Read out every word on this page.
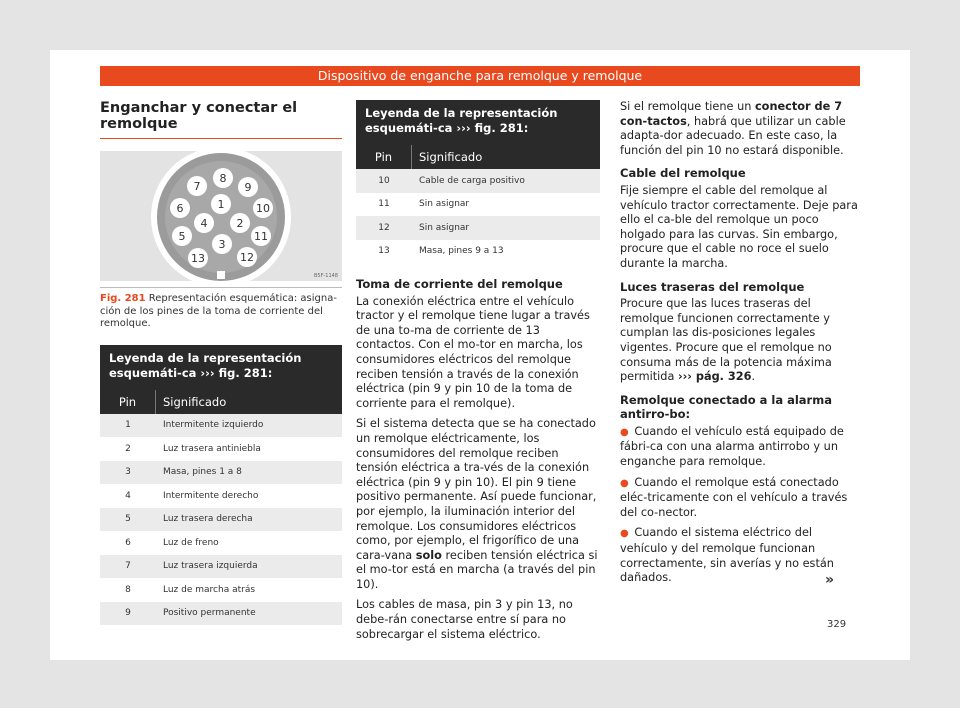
Dispositivo de enganche para remolque y remolque
Enganchar y conectar el remolque
1
2
3
4
5
6
7
8
9
10
11
12
13
B5F-1148
Fig. 281 Representación esquemática: asigna-ción de los pines de la toma de corriente del remolque.
Leyenda de la representación esquemáti-ca ››› fig. 281:
Pin	Significado
1	Intermitente izquierdo
2	Luz trasera antiniebla
3	Masa, pines 1 a 8
4	Intermitente derecho
5	Luz trasera derecha
6	Luz de freno
7	Luz trasera izquierda
8	Luz de marcha atrás
9	Positivo permanente
Leyenda de la representación esquemáti-ca ››› fig. 281:
Pin	Significado
10	Cable de carga positivo
11	Sin asignar
12	Sin asignar
13	Masa, pines 9 a 13
Toma de corriente del remolque

La conexión eléctrica entre el vehículo tractor y el remolque tiene lugar a través de una to-ma de corriente de 13 contactos. Con el mo-tor en marcha, los consumidores eléctricos del remolque reciben tensión a través de la conexión eléctrica (pin 9 y pin 10 de la toma de corriente para el remolque).

Si el sistema detecta que se ha conectado un remolque eléctricamente, los consumidores del remolque reciben tensión eléctrica a tra-vés de la conexión eléctrica (pin 9 y pin 10). El pin 9 tiene positivo permanente. Así puede funcionar, por ejemplo, la iluminación interior del remolque. Los consumidores eléctricos como, por ejemplo, el frigorífico de una cara-vana solo reciben tensión eléctrica si el mo-tor está en marcha (a través del pin 10).

Los cables de masa, pin 3 y pin 13, no debe-rán conectarse entre sí para no sobrecargar el sistema eléctrico.

Si el remolque tiene un conector de 7 con-tactos, habrá que utilizar un cable adapta-dor adecuado. En este caso, la función del pin 10 no estará disponible.

Cable del remolque

Fije siempre el cable del remolque al vehículo tractor correctamente. Deje para ello el ca-ble del remolque un poco holgado para las curvas. Sin embargo, procure que el cable no roce el suelo durante la marcha.

Luces traseras del remolque

Procure que las luces traseras del remolque funcionen correctamente y cumplan las dis-posiciones legales vigentes. Procure que el remolque no consuma más de la potencia máxima permitida ››› pág. 326.

Remolque conectado a la alarma antirro-bo:

● Cuando el vehículo está equipado de fábri-ca con una alarma antirrobo y un enganche para remolque.

● Cuando el remolque está conectado eléc-tricamente con el vehículo a través del co-nector.

● Cuando el sistema eléctrico del vehículo y del remolque funcionan correctamente, sin averías y no están dañados.	»
329
